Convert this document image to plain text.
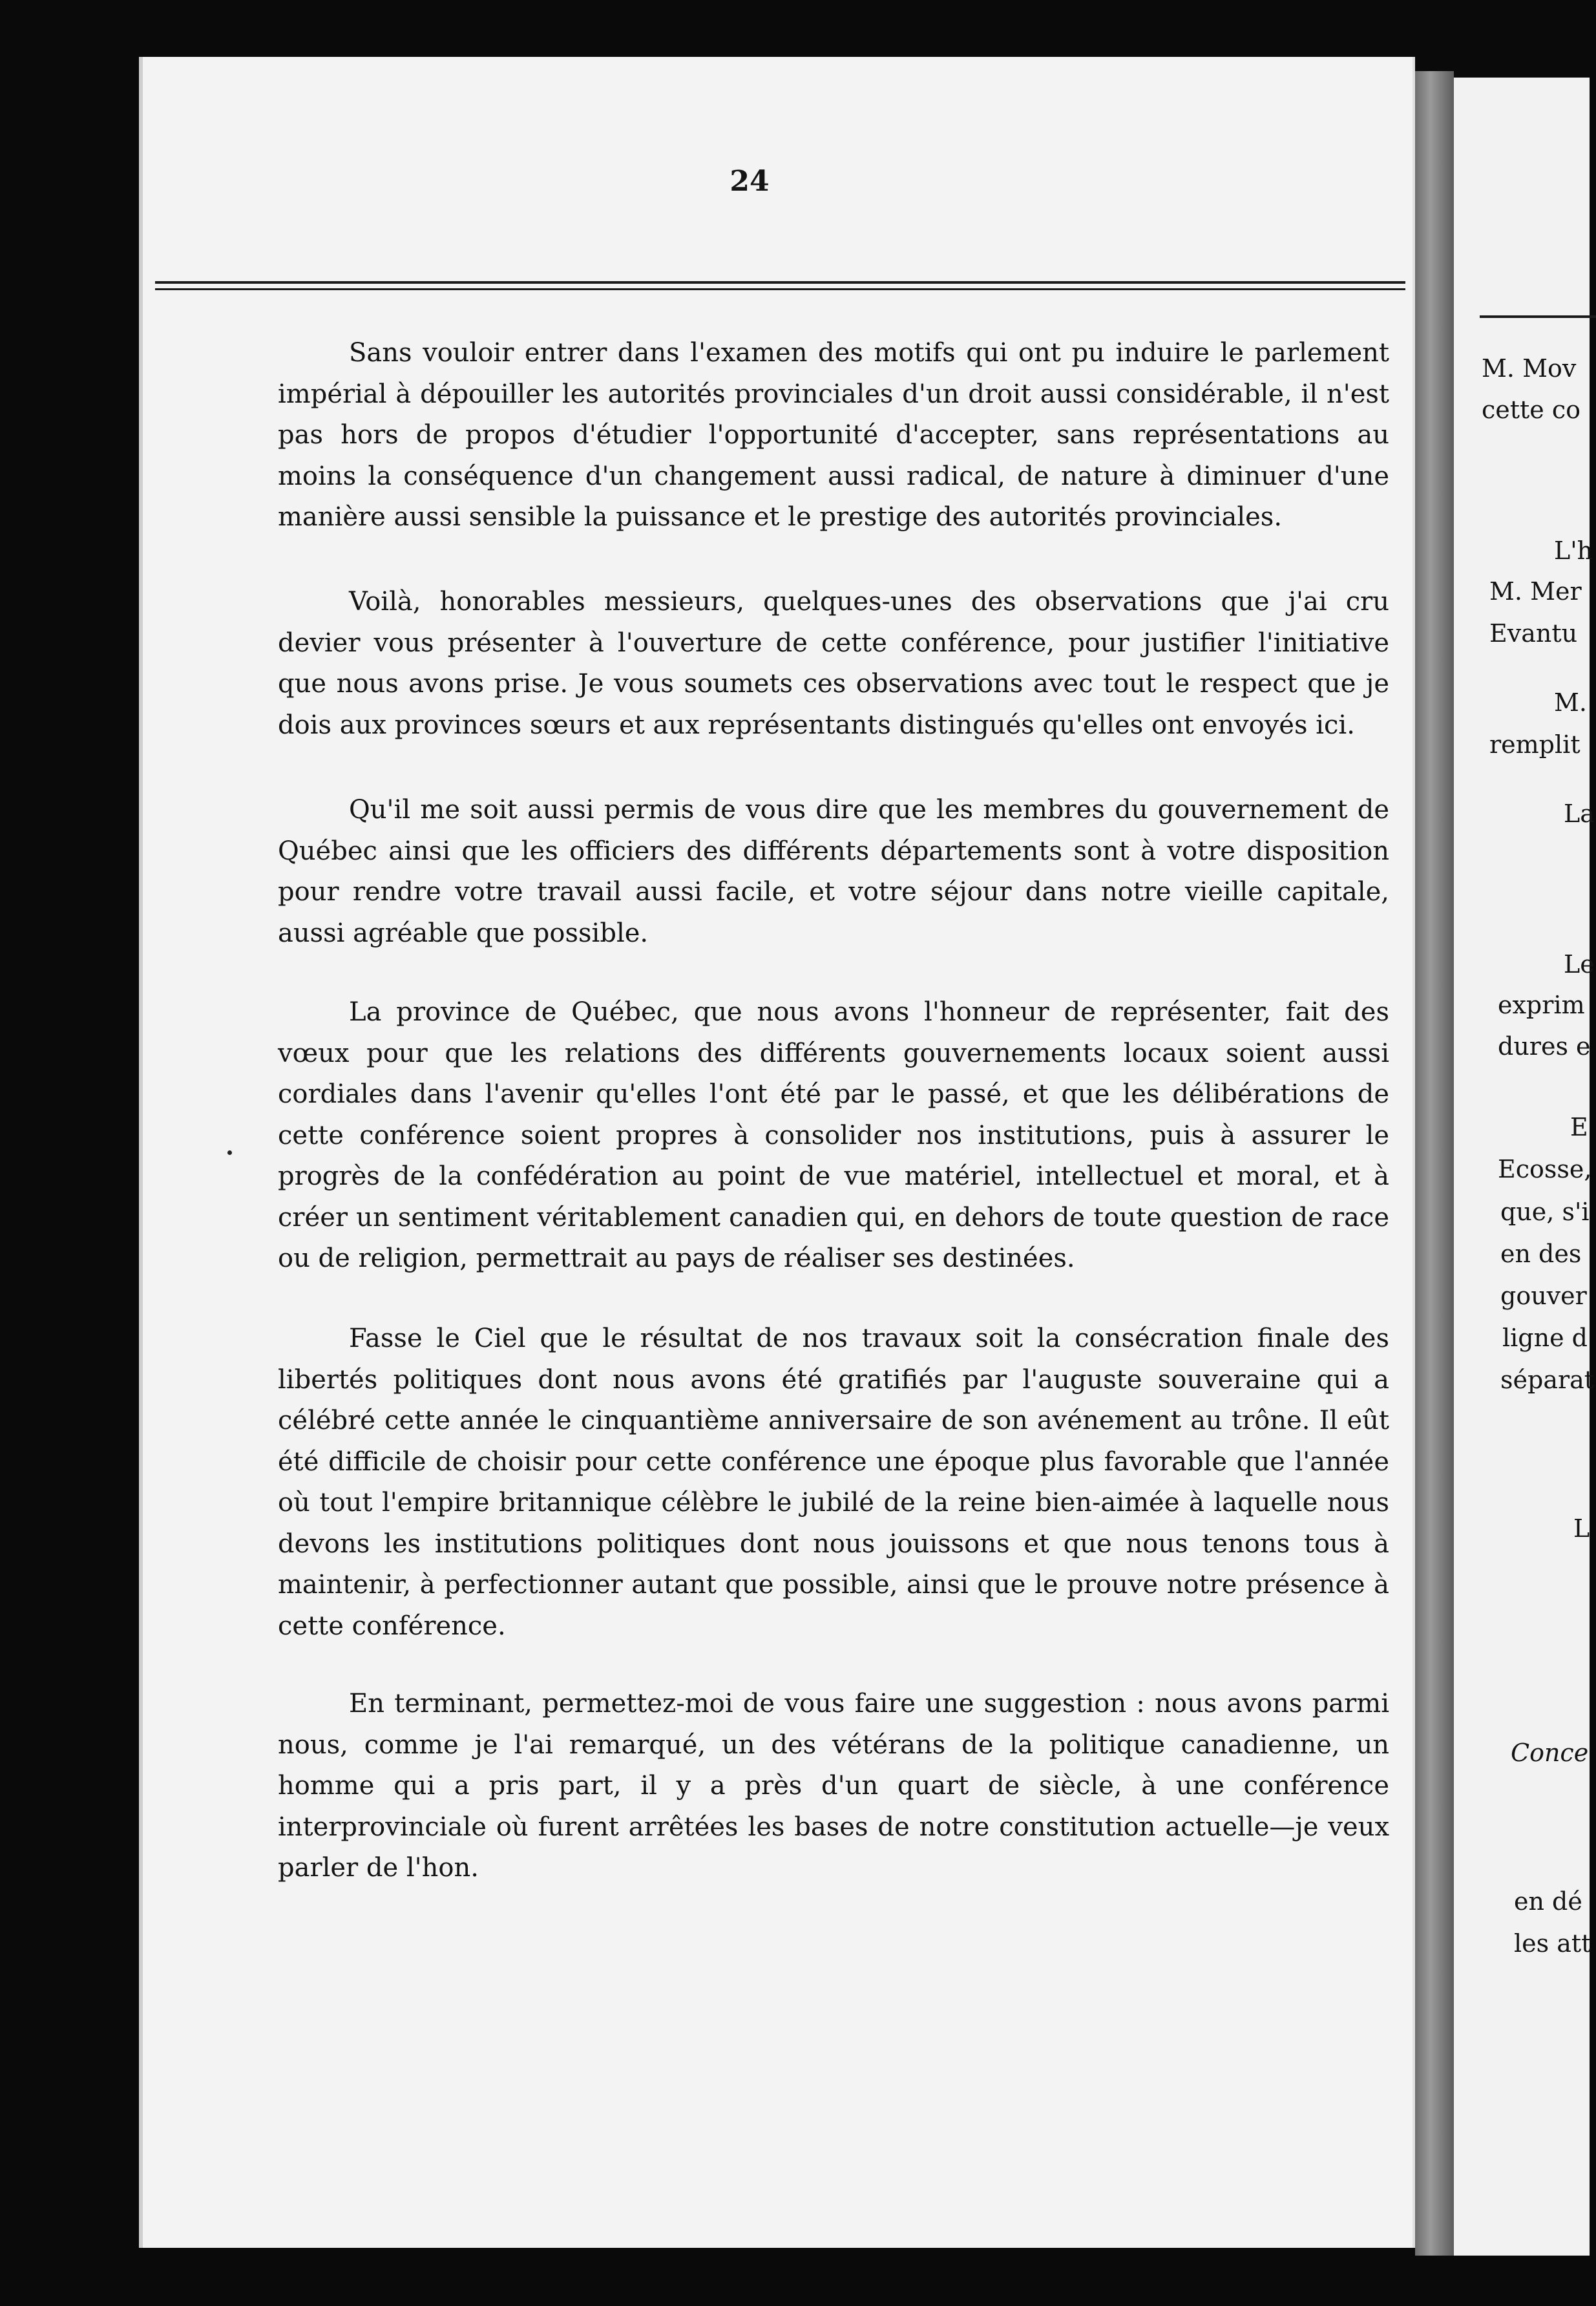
24

Sans vouloir entrer dans l'examen des motifs qui ont pu induire le parlement impérial à dépouiller les autorités provinciales d'un droit aussi considérable, il n'est pas hors de propos d'étudier l'opportunité d'accepter, sans représentations au moins la conséquence d'un changement aussi radical, de nature à diminuer d'une manière aussi sensible la puissance et le prestige des autorités provinciales.

Voilà, honorables messieurs, quelques-unes des observations que j'ai cru devier vous présenter à l'ouverture de cette conférence, pour justifier l'initiative que nous avons prise. Je vous soumets ces observations avec tout le respect que je dois aux provinces sœurs et aux représentants distingués qu'elles ont envoyés ici.

Qu'il me soit aussi permis de vous dire que les membres du gouvernement de Québec ainsi que les officiers des différents départements sont à votre disposition pour rendre votre travail aussi facile, et votre séjour dans notre vieille capitale, aussi agréable que possible.

La province de Québec, que nous avons l'honneur de représenter, fait des vœux pour que les relations des différents gouvernements locaux soient aussi cordiales dans l'avenir qu'elles l'ont été par le passé, et que les délibérations de cette conférence soient propres à consolider nos institutions, puis à assurer le progrès de la confédération au point de vue matériel, intellectuel et moral, et à créer un sentiment véritablement canadien qui, en dehors de toute question de race ou de religion, permettrait au pays de réaliser ses destinées.

Fasse le Ciel que le résultat de nos travaux soit la consécration finale des libertés politiques dont nous avons été gratifiés par l'auguste souveraine qui a célébré cette année le cinquantième anniversaire de son avénement au trône. Il eût été difficile de choisir pour cette conférence une époque plus favorable que l'année où tout l'empire britannique célèbre le jubilé de la reine bien-aimée à laquelle nous devons les institutions politiques dont nous jouissons et que nous tenons tous à maintenir, à perfectionner autant que possible, ainsi que le prouve notre présence à cette conférence.

En terminant, permettez-moi de vous faire une suggestion : nous avons parmi nous, comme je l'ai remarqué, un des vétérans de la politique canadienne, un homme qui a pris part, il y a près d'un quart de siècle, à une conférence interprovinciale où furent arrêtées les bases de notre constitution actuelle—je veux parler de l'hon.

M. Mov
cette co
L'h
M. Mer
Evantu
M.
remplit
La
Le
exprim
dures e
E
Ecosse,
que, s'i
en des
gouver
ligne d
séparat
L
Conce
en dé
les att
